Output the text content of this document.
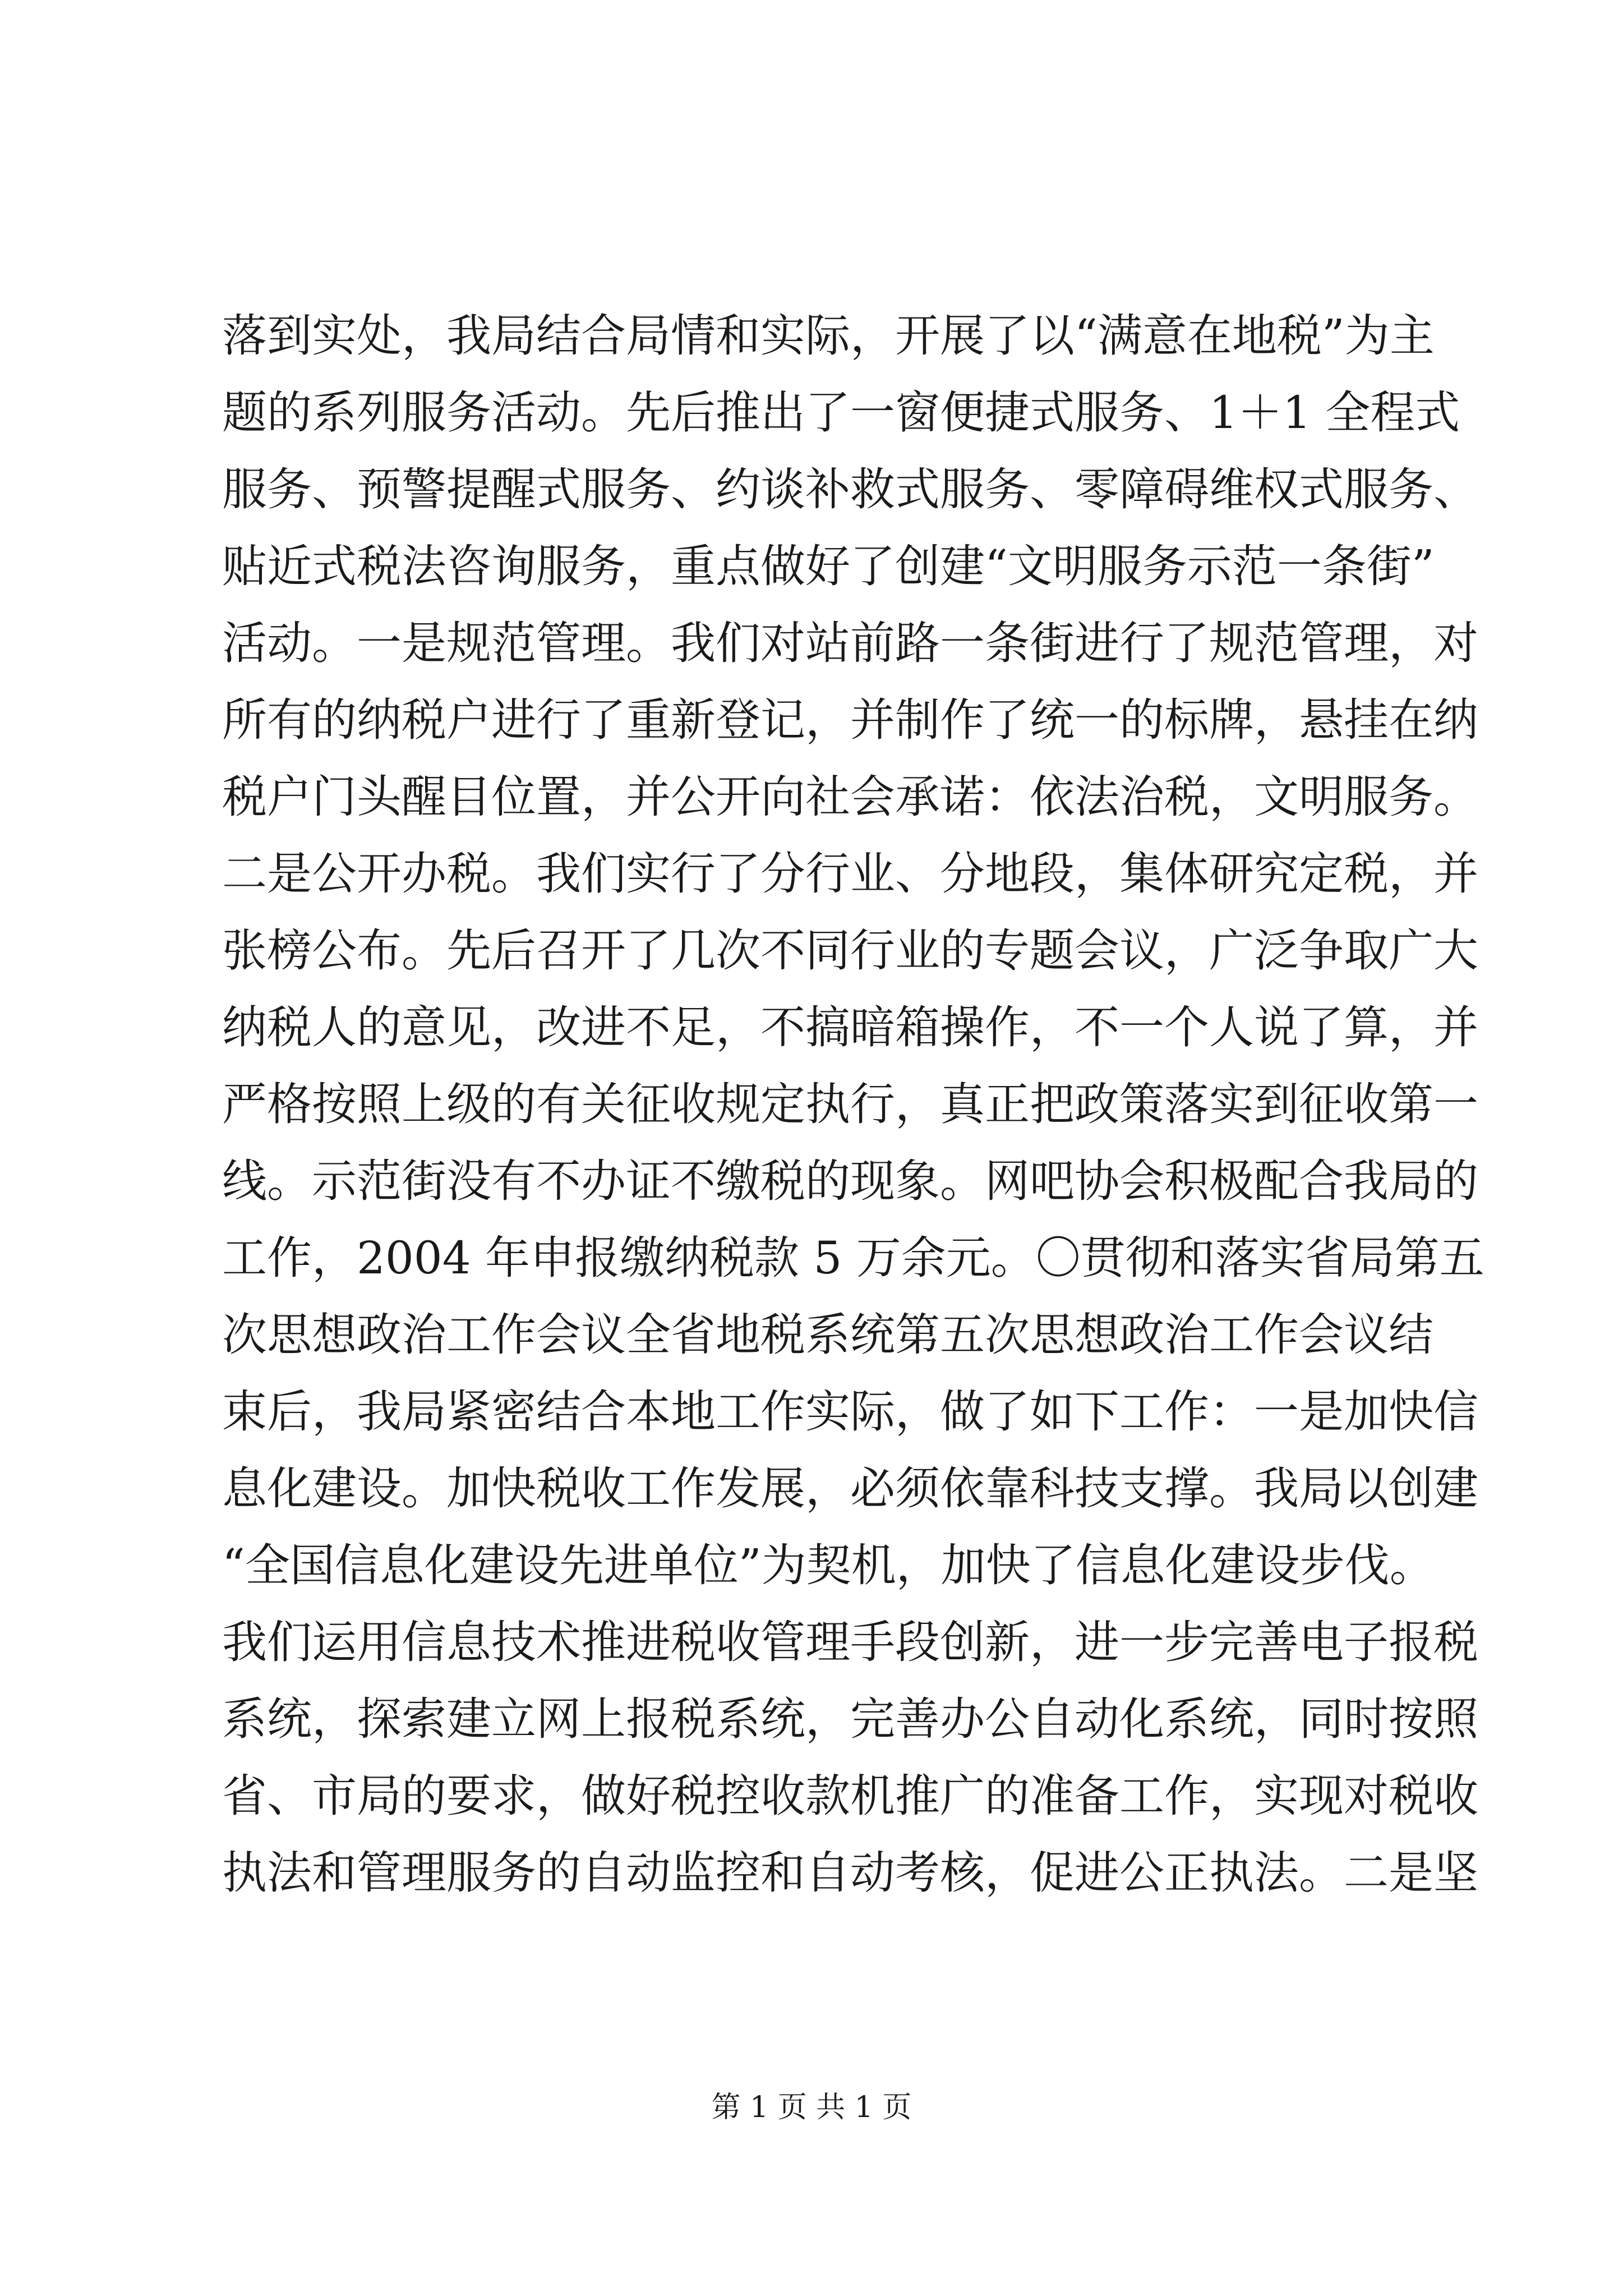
落到实处，我局结合局情和实际，开展了以“满意在地税”为主
题的系列服务活动。先后推出了一窗便捷式服务、1＋1 全程式
服务、预警提醒式服务、约谈补救式服务、零障碍维权式服务、
贴近式税法咨询服务，重点做好了创建“文明服务示范一条街”
活动。一是规范管理。我们对站前路一条街进行了规范管理，对
所有的纳税户进行了重新登记，并制作了统一的标牌，悬挂在纳
税户门头醒目位置，并公开向社会承诺：依法治税，文明服务。
二是公开办税。我们实行了分行业、分地段，集体研究定税，并
张榜公布。先后召开了几次不同行业的专题会议，广泛争取广大
纳税人的意见，改进不足，不搞暗箱操作，不一个人说了算，并
严格按照上级的有关征收规定执行，真正把政策落实到征收第一
线。示范街没有不办证不缴税的现象。网吧协会积极配合我局的
工作，2004 年申报缴纳税款 5 万余元。〇贯彻和落实省局第五
次思想政治工作会议全省地税系统第五次思想政治工作会议结
束后，我局紧密结合本地工作实际，做了如下工作：一是加快信
息化建设。加快税收工作发展，必须依靠科技支撑。我局以创建
“全国信息化建设先进单位”为契机，加快了信息化建设步伐。
我们运用信息技术推进税收管理手段创新，进一步完善电子报税
系统，探索建立网上报税系统，完善办公自动化系统，同时按照
省、市局的要求，做好税控收款机推广的准备工作，实现对税收
执法和管理服务的自动监控和自动考核，促进公正执法。二是坚
第 1 页 共 1 页
